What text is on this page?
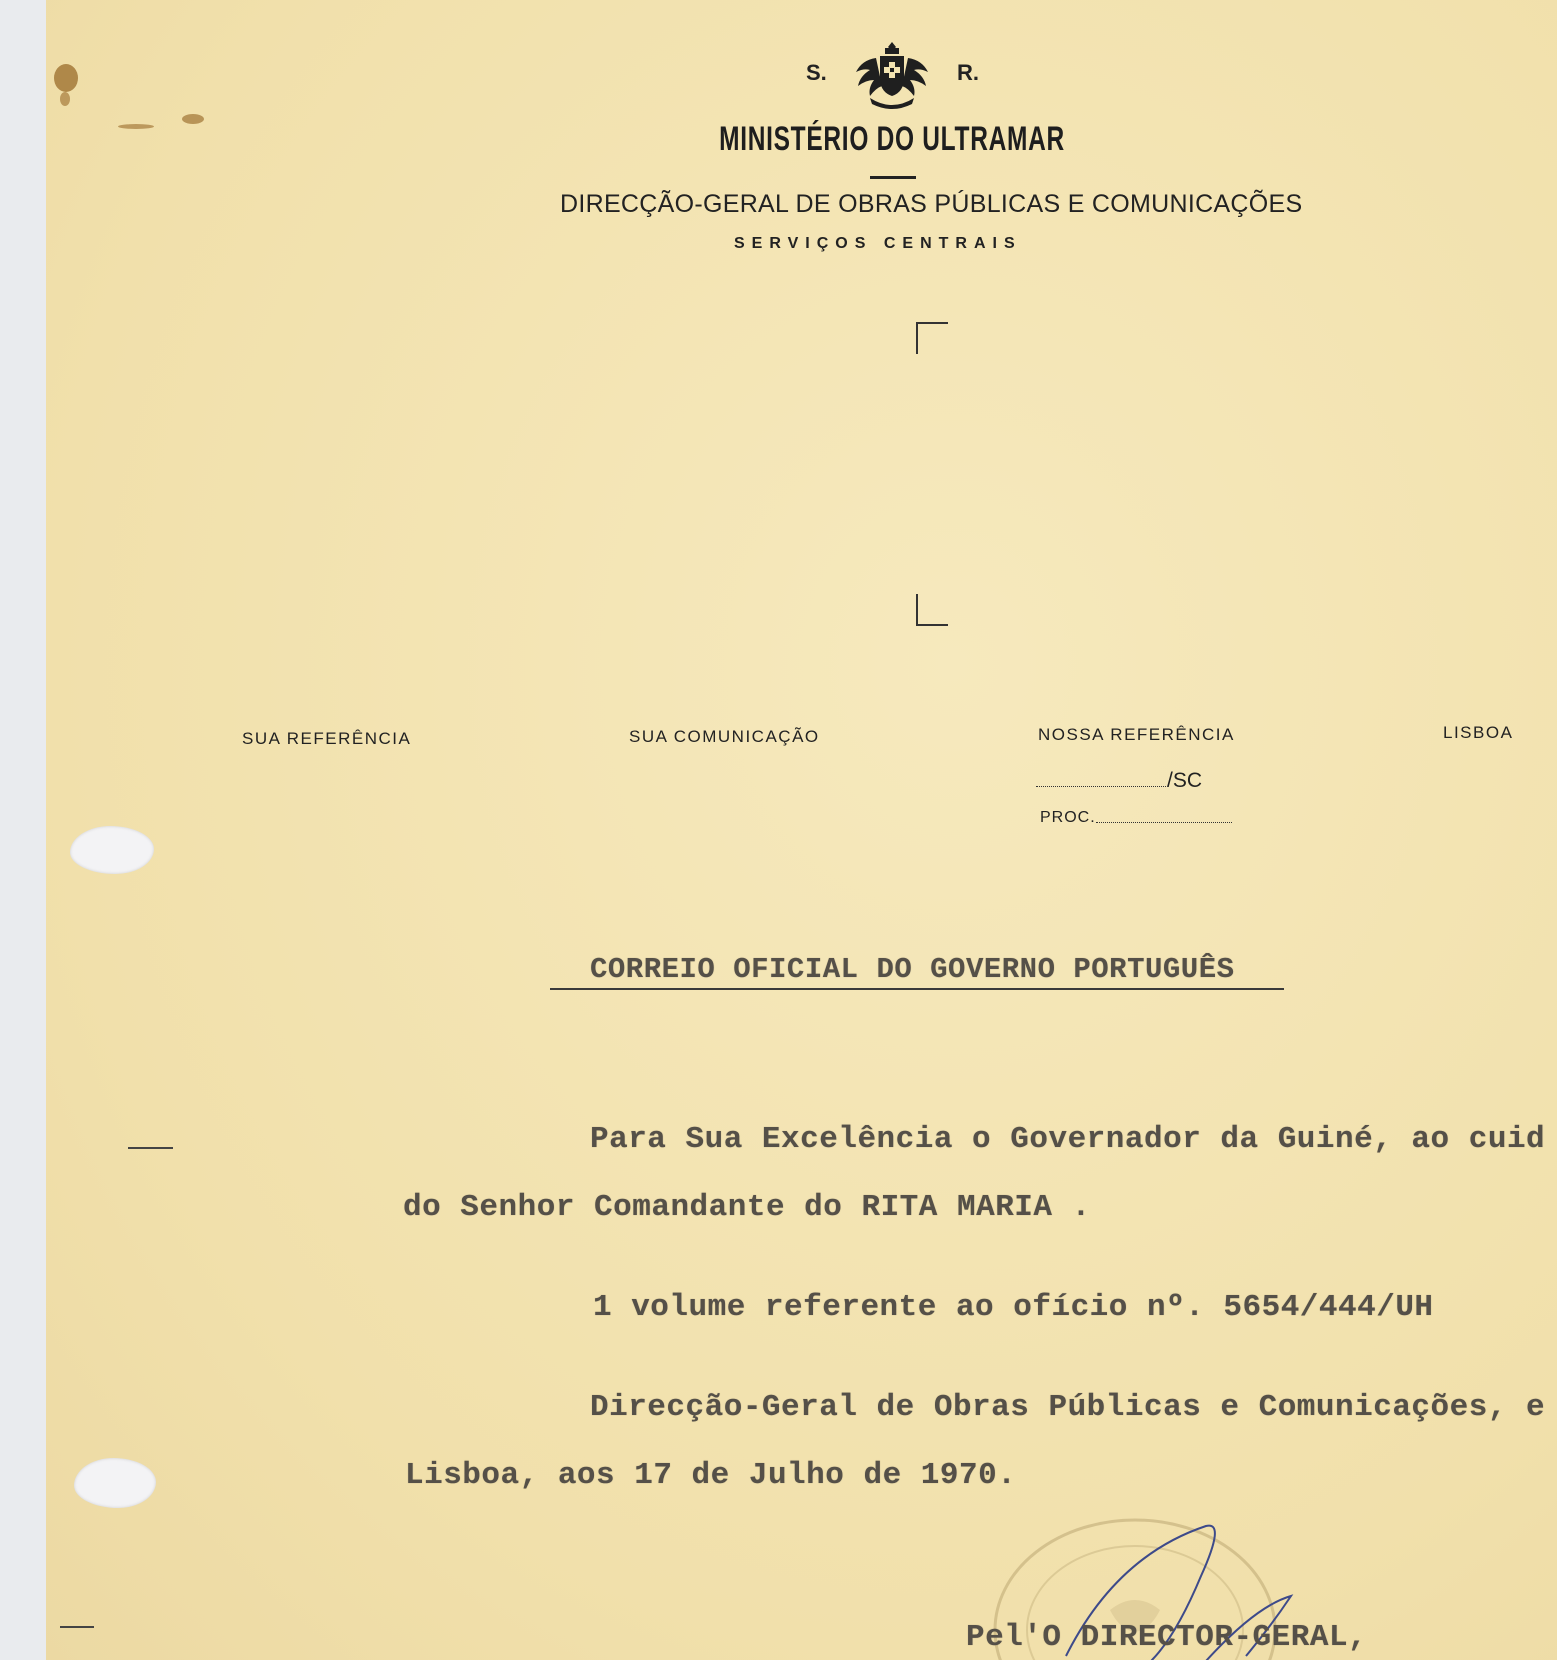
S.	R.
MINISTÉRIO DO ULTRAMAR
DIRECÇÃO-GERAL DE OBRAS PÚBLICAS E COMUNICAÇÕES
SERVIÇOS CENTRAIS
SUA REFERÊNCIA	SUA COMUNICAÇÃO	NOSSA REFERÊNCIA	LISBOA
/SC
PROC.
CORREIO OFICIAL DO GOVERNO PORTUGUÊS
Para Sua Excelência o Governador da Guiné, ao cuid
do Senhor Comandante do RITA MARIA .
1 volume referente ao ofício nº. 5654/444/UH
Direcção-Geral de Obras Públicas e Comunicações, e
Lisboa, aos 17 de Julho de 1970.
Pel'O DIRECTOR-GERAL,
